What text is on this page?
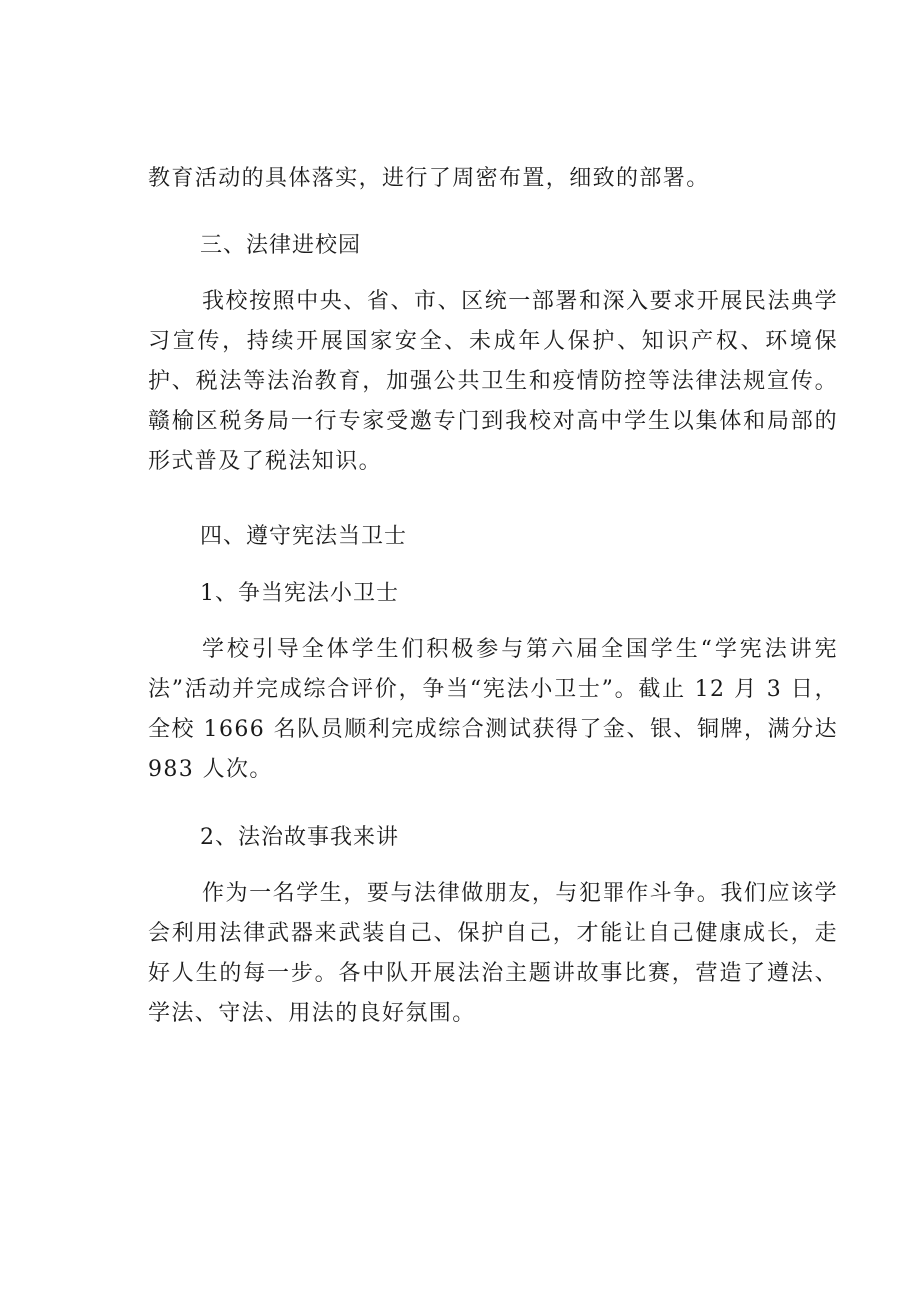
教育活动的具体落实，进行了周密布置，细致的部署。

三、法律进校园

我校按照中央、省、市、区统一部署和深入要求开展民法典学习宣传，持续开展国家安全、未成年人保护、知识产权、环境保护、税法等法治教育，加强公共卫生和疫情防控等法律法规宣传。赣榆区税务局一行专家受邀专门到我校对高中学生以集体和局部的形式普及了税法知识。

四、遵守宪法当卫士
1、争当宪法小卫士

学校引导全体学生们积极参与第六届全国学生“学宪法讲宪法”活动并完成综合评价，争当“宪法小卫士”。截止 12 月 3 日，全校 1666 名队员顺利完成综合测试获得了金、银、铜牌，满分达 983 人次。

2、法治故事我来讲

作为一名学生，要与法律做朋友，与犯罪作斗争。我们应该学会利用法律武器来武装自己、保护自己，才能让自己健康成长，走好人生的每一步。各中队开展法治主题讲故事比赛，营造了遵法、学法、守法、用法的良好氛围。
